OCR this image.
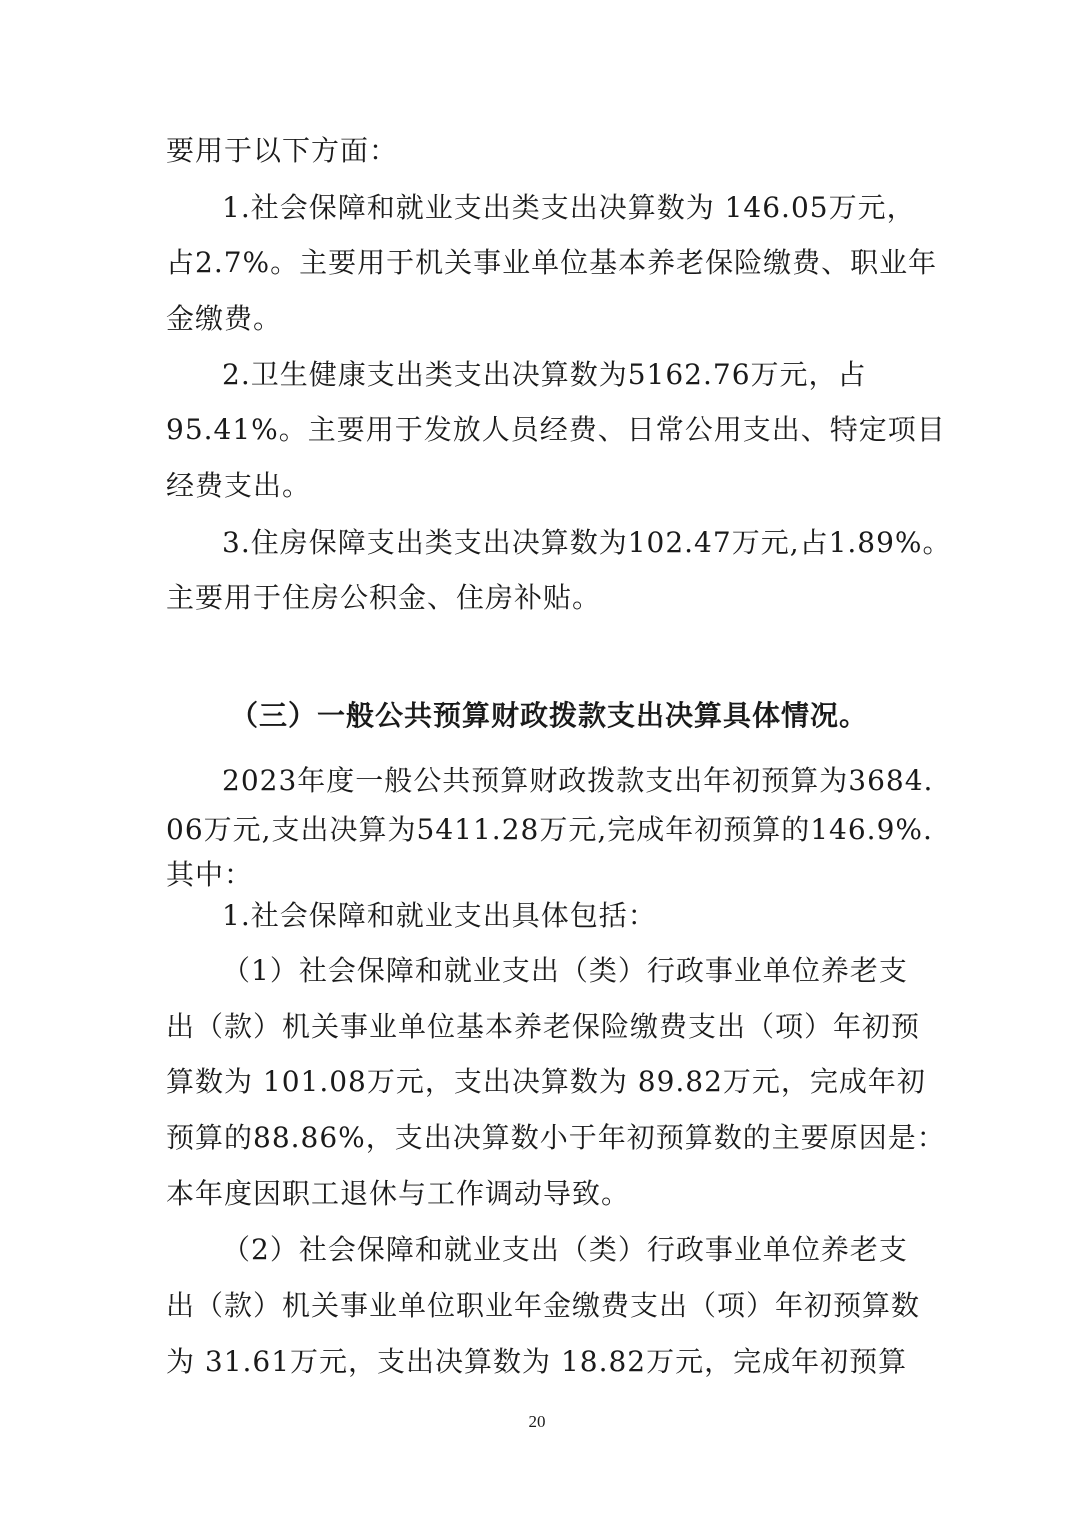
要用于以下方面：
1.社会保障和就业支出类支出决算数为 146.05万元，
占2.7%。主要用于机关事业单位基本养老保险缴费、职业年
金缴费。
2.卫生健康支出类支出决算数为5162.76万元，占
95.41%。主要用于发放人员经费、日常公用支出、特定项目
经费支出。
3.住房保障支出类支出决算数为102.47万元,占1.89%。
主要用于住房公积金、住房补贴。
（三）一般公共预算财政拨款支出决算具体情况。
2023年度一般公共预算财政拨款支出年初预算为3684.
06万元,支出决算为5411.28万元,完成年初预算的146.9%.
其中：
1.社会保障和就业支出具体包括：
（1）社会保障和就业支出（类）行政事业单位养老支
出（款）机关事业单位基本养老保险缴费支出（项）年初预
算数为 101.08万元，支出决算数为 89.82万元，完成年初
预算的88.86%，支出决算数小于年初预算数的主要原因是：
本年度因职工退休与工作调动导致。
（2）社会保障和就业支出（类）行政事业单位养老支
出（款）机关事业单位职业年金缴费支出（项）年初预算数
为 31.61万元，支出决算数为 18.82万元，完成年初预算
20
